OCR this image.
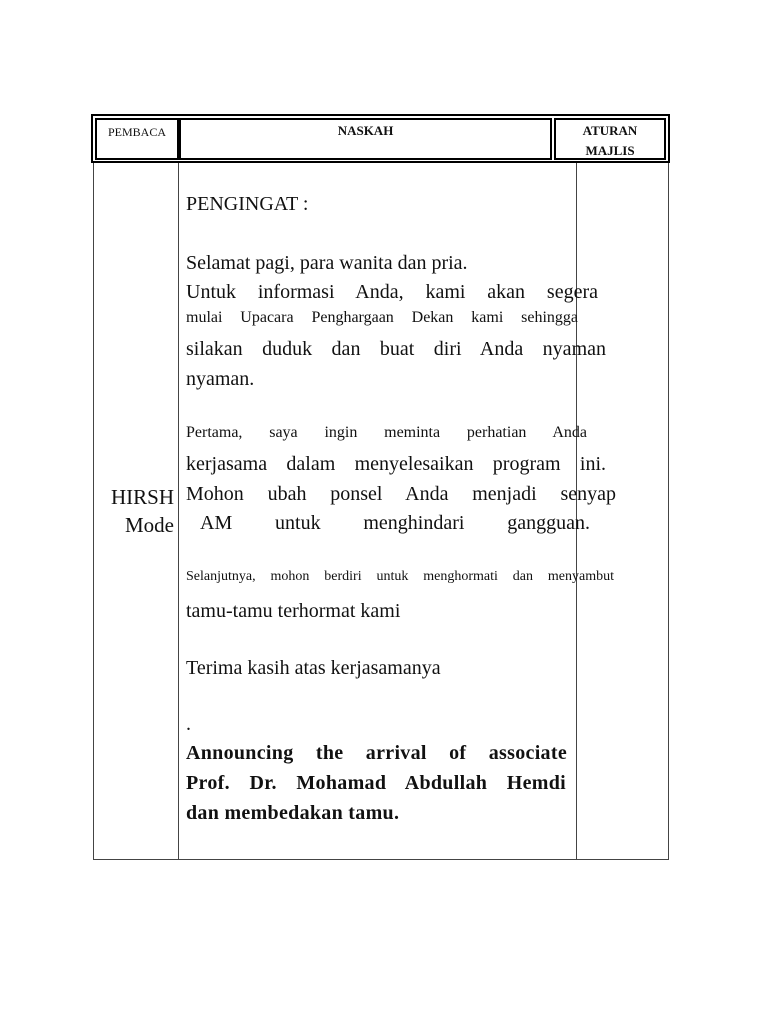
PEMBACA	NASKAH	ATURAN
MAJLIS
HIRSH
Mode
PENGINGAT :
Selamat pagi, para wanita dan pria.
Untuk informasi Anda, kami akan segera
mulai Upacara Penghargaan Dekan kami sehingga
silakan duduk dan buat diri Anda nyaman
nyaman.
Pertama, saya ingin meminta perhatian Anda
kerjasama dalam menyelesaikan program ini.
Mohon ubah ponsel Anda menjadi senyap
AM untuk menghindari gangguan.
Selanjutnya, mohon berdiri untuk menghormati dan menyambut
tamu-tamu terhormat kami
Terima kasih atas kerjasamanya
.
Announcing the arrival of associate
Prof. Dr. Mohamad Abdullah Hemdi
dan membedakan tamu.
